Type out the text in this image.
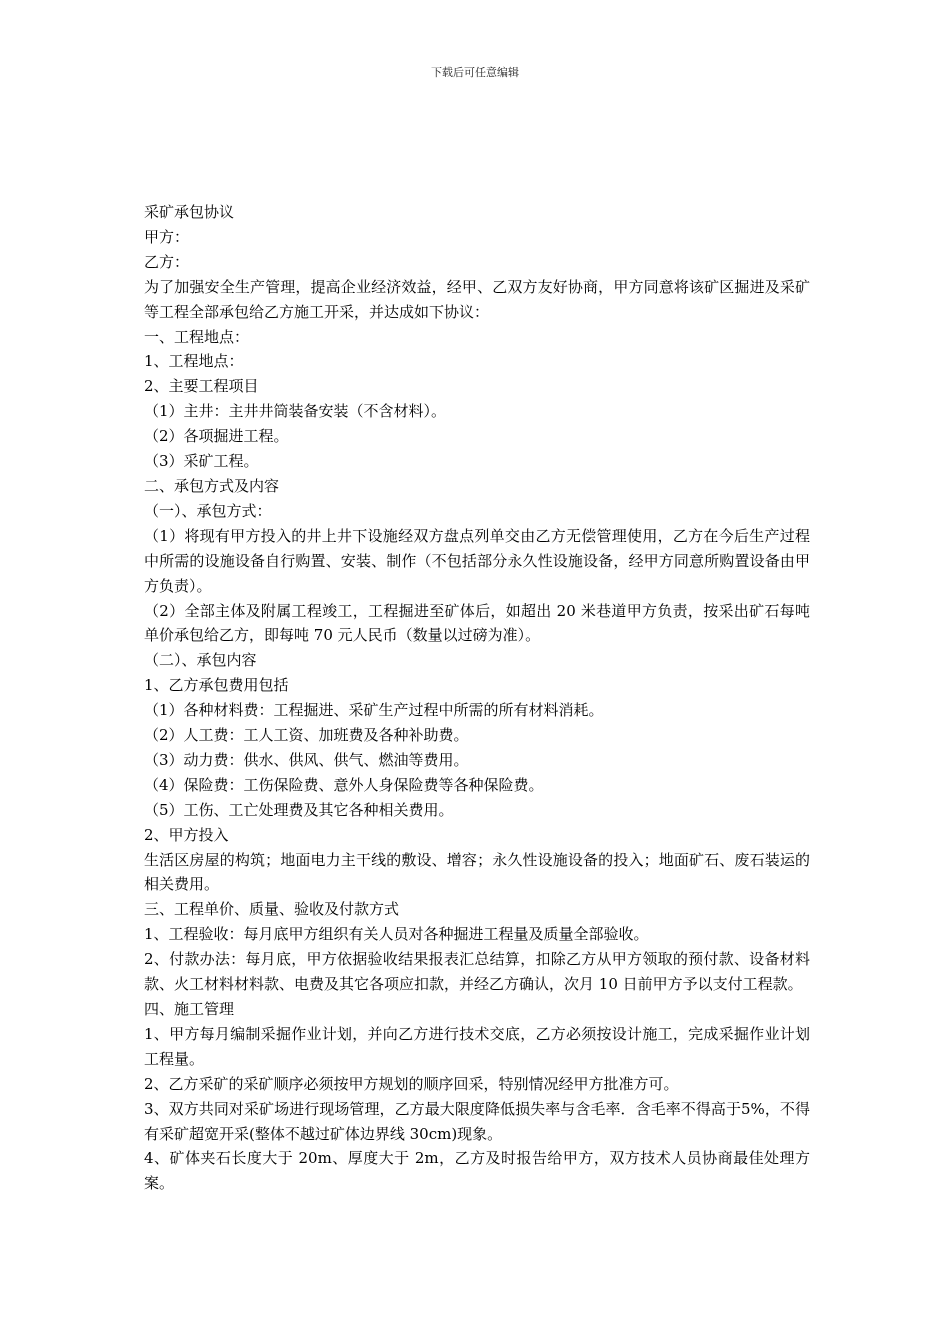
下载后可任意编辑

采矿承包协议

甲方：

乙方：

为了加强安全生产管理，提高企业经济效益，经甲、乙双方友好协商，甲方同意将该矿区掘进及采矿等工程全部承包给乙方施工开采，并达成如下协议：

一、工程地点：

1、工程地点：

2、主要工程项目

（1）主井：主井井筒装备安装（不含材料）。

（2）各项掘进工程。

（3）采矿工程。

二、承包方式及内容

（一）、承包方式：

（1）将现有甲方投入的井上井下设施经双方盘点列单交由乙方无偿管理使用，乙方在今后生产过程中所需的设施设备自行购置、安装、制作（不包括部分永久性设施设备，经甲方同意所购置设备由甲方负责）。

（2）全部主体及附属工程竣工，工程掘进至矿体后，如超出 20 米巷道甲方负责，按采出矿石每吨单价承包给乙方，即每吨 70 元人民币（数量以过磅为准）。

（二）、承包内容

1、乙方承包费用包括

（1）各种材料费：工程掘进、采矿生产过程中所需的所有材料消耗。

（2）人工费：工人工资、加班费及各种补助费。

（3）动力费：供水、供风、供气、燃油等费用。

（4）保险费：工伤保险费、意外人身保险费等各种保险费。

（5）工伤、工亡处理费及其它各种相关费用。

2、甲方投入

生活区房屋的构筑；地面电力主干线的敷设、增容；永久性设施设备的投入；地面矿石、废石装运的相关费用。

三、工程单价、质量、验收及付款方式

1、工程验收：每月底甲方组织有关人员对各种掘进工程量及质量全部验收。

2、付款办法：每月底，甲方依据验收结果报表汇总结算，扣除乙方从甲方领取的预付款、设备材料款、火工材料材料款、电费及其它各项应扣款，并经乙方确认，次月 10 日前甲方予以支付工程款。

四、施工管理

1、甲方每月编制采掘作业计划，并向乙方进行技术交底，乙方必须按设计施工，完成采掘作业计划工程量。

2、乙方采矿的采矿顺序必须按甲方规划的顺序回采，特别情况经甲方批准方可。

3、双方共同对采矿场进行现场管理，乙方最大限度降低损失率与含毛率．含毛率不得高于5%，不得有采矿超宽开采(整体不越过矿体边界线 30cm)现象。

4、矿体夹石长度大于 20m、厚度大于 2m，乙方及时报告给甲方，双方技术人员协商最佳处理方案。
